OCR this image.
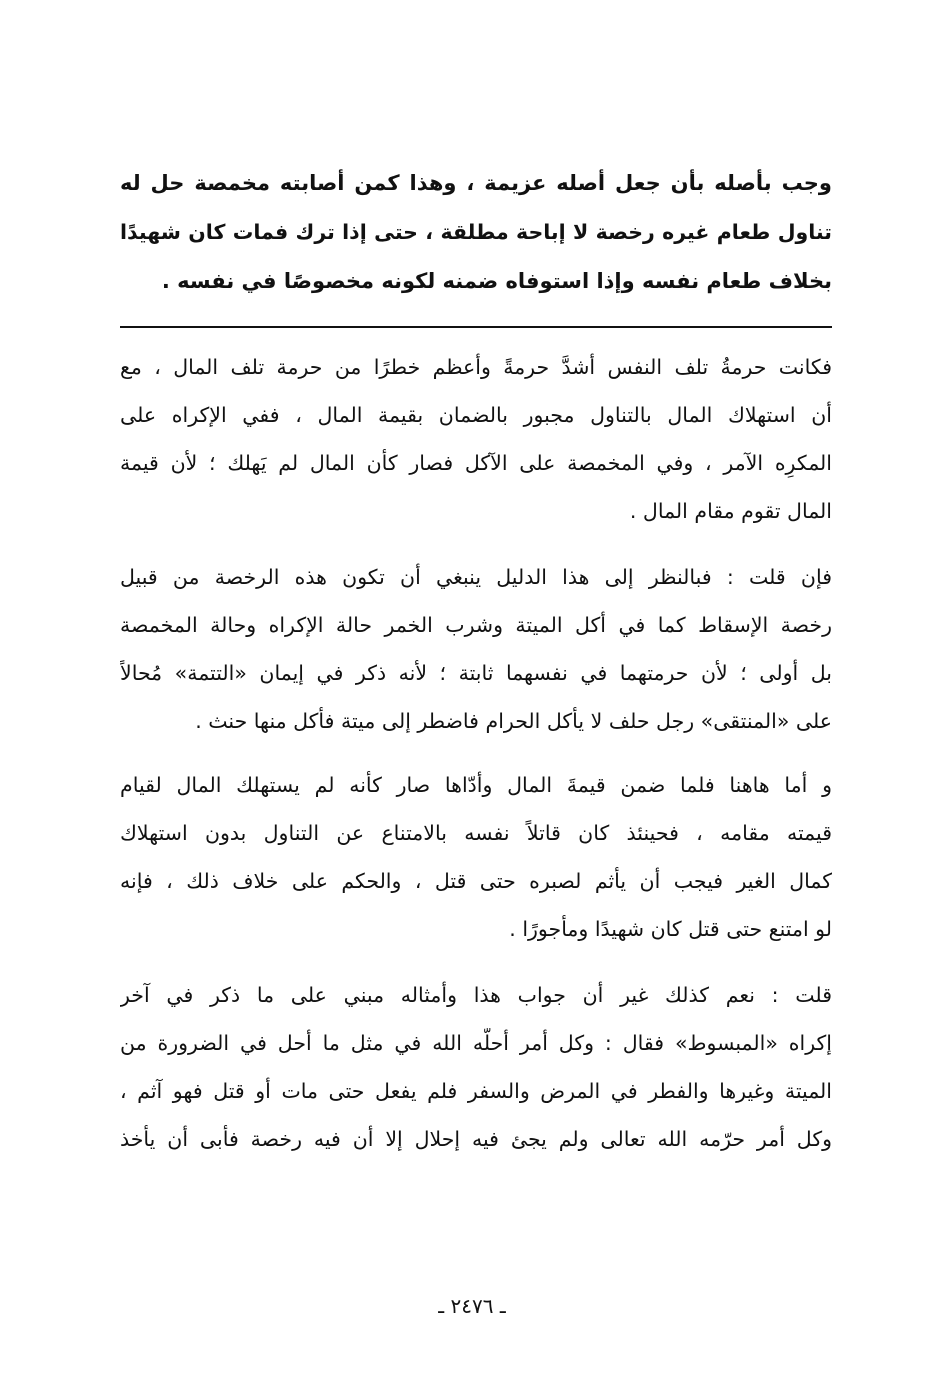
وجب بأصله بأن جعل أصله عزيمة ، وهذا كمن أصابته مخمصة حل له
تناول طعام غيره رخصة لا إباحة مطلقة ، حتى إذا ترك فمات كان شهيدًا
بخلاف طعام نفسه وإذا استوفاه ضمنه لكونه مخصوصًا في نفسه .
فكانت حرمةُ تلف النفس أشدَّ حرمةً وأعظم خطرًا من حرمة تلف المال ، مع
أن استهلاك المال بالتناول مجبور بالضمان بقيمة المال ، ففي الإكراه على
المكرِه الآمر ، وفي المخمصة على الآكل فصار كأن المال لم يَهلك ؛ لأن قيمة
المال تقوم مقام المال .
فإن قلت : فبالنظر إلى هذا الدليل ينبغي أن تكون هذه الرخصة من قبيل
رخصة الإسقاط كما في أكل الميتة وشرب الخمر حالة الإكراه وحالة المخمصة
بل أولى ؛ لأن حرمتهما في نفسهما ثابتة ؛ لأنه ذكر في إيمان «التتمة» مُحالاً
على «المنتقى» رجل حلف لا يأكل الحرام فاضطر إلى ميتة فأكل منها حنث .
و أما هاهنا فلما ضمن قيمةَ المال وأدّاها صار كأنه لم يستهلك المال لقيام
قيمته مقامه ، فحينئذ كان قاتلاً نفسه بالامتناع عن التناول بدون استهلاك
كمال الغير فيجب أن يأثم لصبره حتى قتل ، والحكم على خلاف ذلك ، فإنه
لو امتنع حتى قتل كان شهيدًا ومأجورًا .
قلت : نعم كذلك غير أن جواب هذا وأمثاله مبني على ما ذكر في آخر
إكراه «المبسوط» فقال : وكل أمر أحلّه الله في مثل ما أحل في الضرورة من
الميتة وغيرها والفطر في المرض والسفر فلم يفعل حتى مات أو قتل فهو آثم ،
وكل أمر حرّمه الله تعالى ولم يجئ فيه إحلال إلا أن فيه رخصة فأبى أن يأخذ
ـ ٢٤٧٦ ـ
